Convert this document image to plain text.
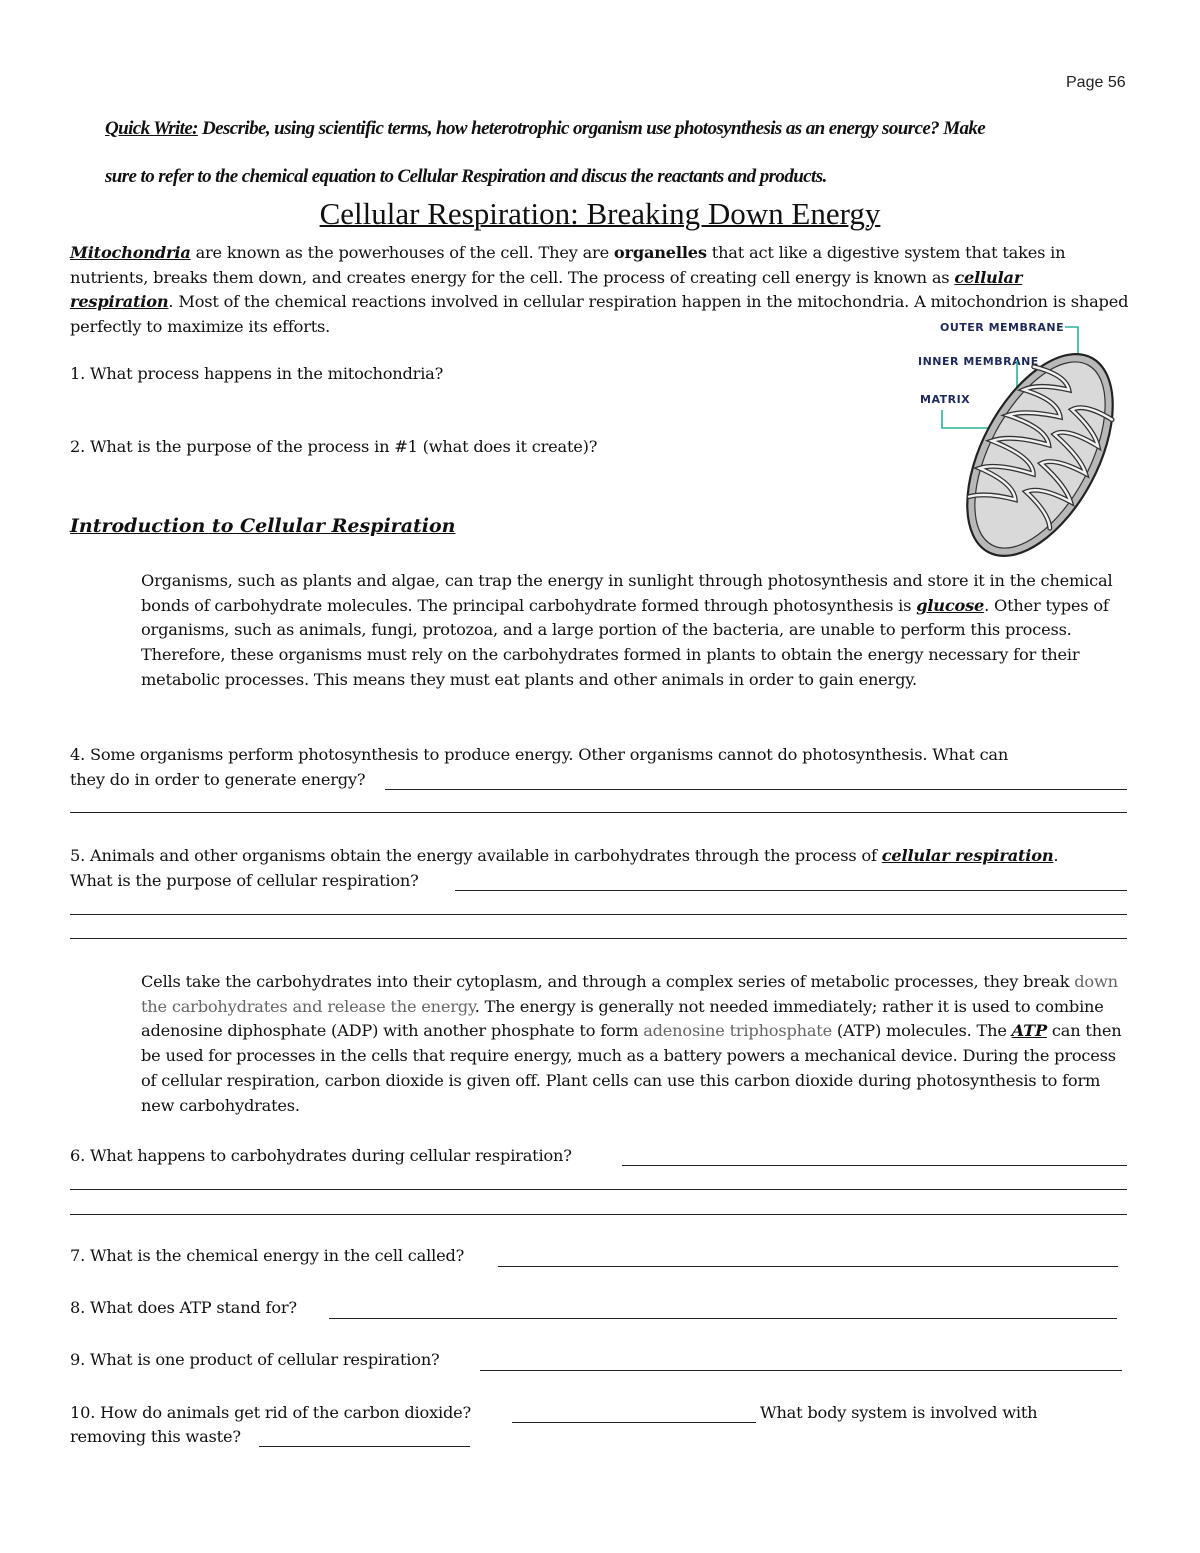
Page 56
Quick Write: Describe, using scientific terms, how heterotrophic organism use photosynthesis as an energy source? Make
sure to refer to the chemical equation to Cellular Respiration and discus the reactants and products.
Cellular Respiration: Breaking Down Energy
Mitochondria are known as the powerhouses of the cell. They are organelles that act like a digestive system that takes in nutrients, breaks them down, and creates energy for the cell. The process of creating cell energy is known as cellular respiration. Most of the chemical reactions involved in cellular respiration happen in the mitochondria. A mitochondrion is shaped perfectly to maximize its efforts.	OUTER MEMBRANE
INNER MEMBRANE
MATRIX
1. What process happens in the mitochondria?
2. What is the purpose of the process in #1 (what does it create)?
Introduction to Cellular Respiration
Organisms, such as plants and algae, can trap the energy in sunlight through photosynthesis and store it in the chemical bonds of carbohydrate molecules. The principal carbohydrate formed through photosynthesis is glucose. Other types of organisms, such as animals, fungi, protozoa, and a large portion of the bacteria, are unable to perform this process. Therefore, these organisms must rely on the carbohydrates formed in plants to obtain the energy necessary for their metabolic processes. This means they must eat plants and other animals in order to gain energy.
4. Some organisms perform photosynthesis to produce energy. Other organisms cannot do photosynthesis. What can
they do in order to generate energy?
5. Animals and other organisms obtain the energy available in carbohydrates through the process of cellular respiration.
What is the purpose of cellular respiration?
Cells take the carbohydrates into their cytoplasm, and through a complex series of metabolic processes, they break down the carbohydrates and release the energy. The energy is generally not needed immediately; rather it is used to combine adenosine diphosphate (ADP) with another phosphate to form adenosine triphosphate (ATP) molecules. The ATP can then be used for processes in the cells that require energy, much as a battery powers a mechanical device. During the process of cellular respiration, carbon dioxide is given off. Plant cells can use this carbon dioxide during photosynthesis to form new carbohydrates.
6. What happens to carbohydrates during cellular respiration?
7. What is the chemical energy in the cell called?
8. What does ATP stand for?
9. What is one product of cellular respiration?
10. How do animals get rid of the carbon dioxide?	What body system is involved with
removing this waste?
